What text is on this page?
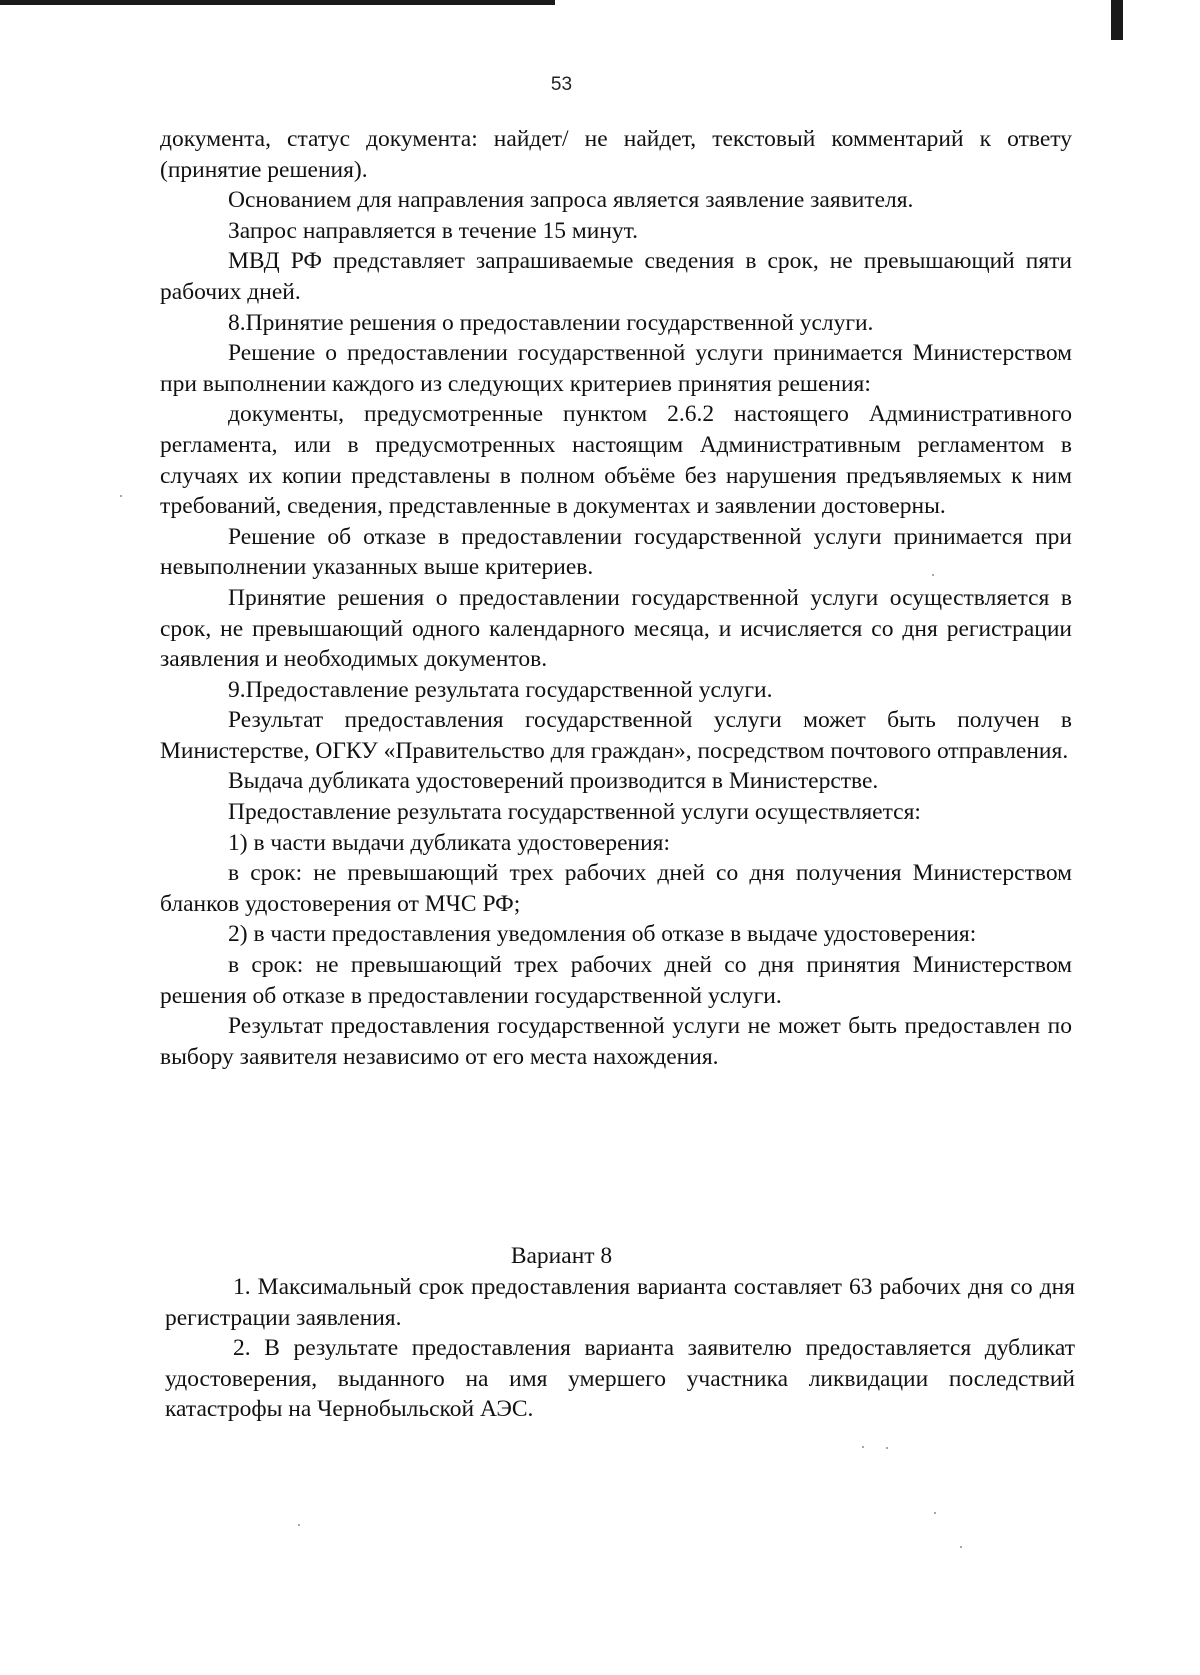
53

документа, статус документа: найдет/ не найдет, текстовый комментарий к ответу (принятие решения).

Основанием для направления запроса является заявление заявителя.

Запрос направляется в течение 15 минут.

МВД РФ представляет запрашиваемые сведения в срок, не превышающий пяти рабочих дней.

8.Принятие решения о предоставлении государственной услуги.

Решение о предоставлении государственной услуги принимается Министерством при выполнении каждого из следующих критериев принятия решения:

документы, предусмотренные пунктом 2.6.2 настоящего Административного регламента, или в предусмотренных настоящим Административным регламентом в случаях их копии представлены в полном объёме без нарушения предъявляемых к ним требований, сведения, представленные в документах и заявлении достоверны.

Решение об отказе в предоставлении государственной услуги принимается при невыполнении указанных выше критериев.

Принятие решения о предоставлении государственной услуги осуществляется в срок, не превышающий одного календарного месяца, и исчисляется со дня регистрации заявления и необходимых документов.

9.Предоставление результата государственной услуги.

Результат предоставления государственной услуги может быть получен в Министерстве, ОГКУ «Правительство для граждан», посредством почтового отправления.

Выдача дубликата удостоверений производится в Министерстве.

Предоставление результата государственной услуги осуществляется:

1) в части выдачи дубликата удостоверения:

в срок: не превышающий трех рабочих дней со дня получения Министерством бланков удостоверения от МЧС РФ;

2) в части предоставления уведомления об отказе в выдаче удостоверения:

в срок: не превышающий трех рабочих дней со дня принятия Министерством решения об отказе в предоставлении государственной услуги.

Результат предоставления государственной услуги не может быть предоставлен по выбору заявителя независимо от его места нахождения.

Вариант 8

1. Максимальный срок предоставления варианта составляет 63 рабочих дня со дня регистрации заявления.

2. В результате предоставления варианта заявителю предоставляется дубликат удостоверения, выданного на имя умершего участника ликвидации последствий катастрофы на Чернобыльской АЭС.
